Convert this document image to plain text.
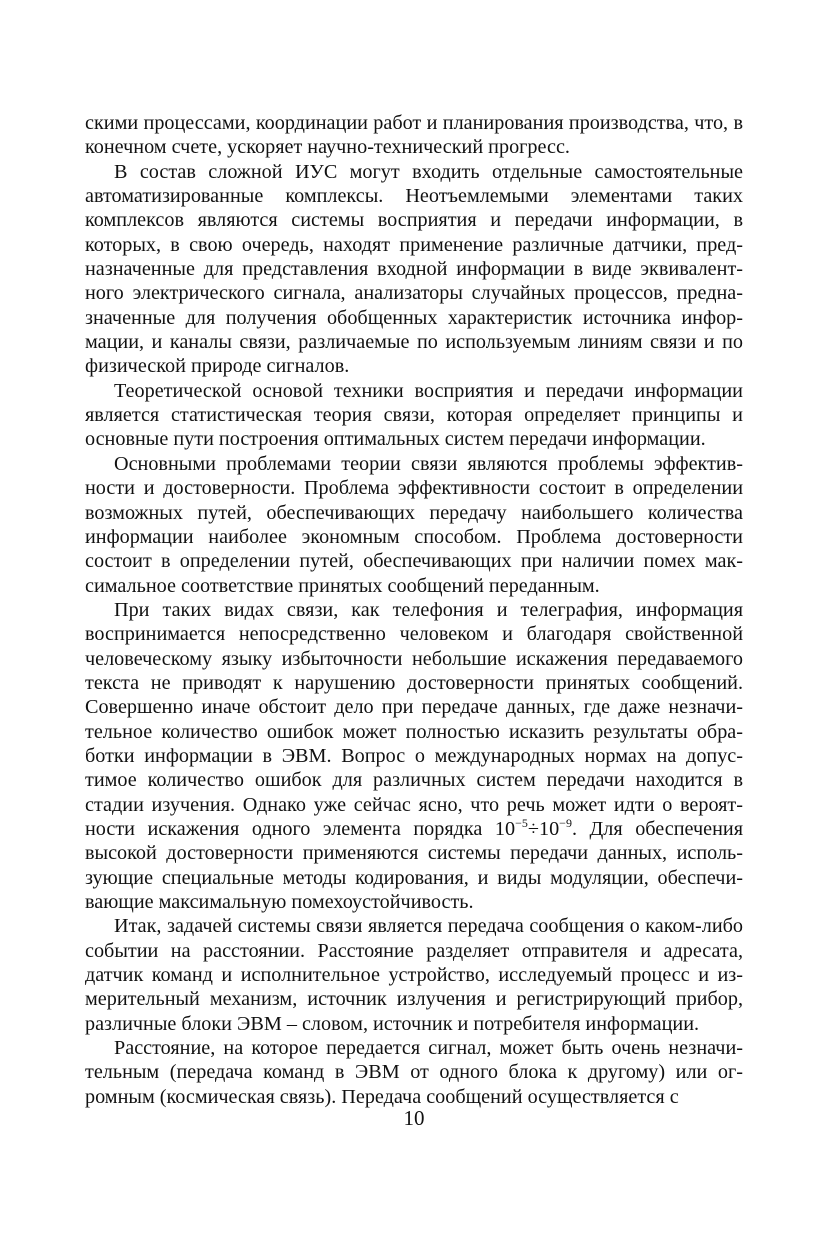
скими процессами, координации работ и планирования производства, что, в конечном счете, ускоряет научно-технический прогресс.

В состав сложной ИУС могут входить отдельные самостоятельные автоматизированные комплексы. Неотъемлемыми элементами таких комплексов являются системы восприятия и передачи информации, в которых, в свою очередь, находят применение различные датчики, предназначенные для представления входной информации в виде эквивалентного электрического сигнала, анализаторы случайных процессов, предназначенные для получения обобщенных характеристик источника информации, и каналы связи, различаемые по используемым линиям связи и по физической природе сигналов.

Теоретической основой техники восприятия и передачи информации является статистическая теория связи, которая определяет принципы и основные пути построения оптимальных систем передачи информации.

Основными проблемами теории связи являются проблемы эффективности и достоверности. Проблема эффективности состоит в определении возможных путей, обеспечивающих передачу наибольшего количества информации наиболее экономным способом. Проблема достоверности состоит в определении путей, обеспечивающих при наличии помех максимальное соответствие принятых сообщений переданным.

При таких видах связи, как телефония и телеграфия, информация воспринимается непосредственно человеком и благодаря свойственной человеческому языку избыточности небольшие искажения передаваемого текста не приводят к нарушению достоверности принятых сообщений. Совершенно иначе обстоит дело при передаче данных, где даже незначительное количество ошибок может полностью исказить результаты обработки информации в ЭВМ. Вопрос о международных нормах на допустимое количество ошибок для различных систем передачи находится в стадии изучения. Однако уже сейчас ясно, что речь может идти о вероятности искажения одного элемента порядка $10^{-5}\div 10^{-9}$. Для обеспечения высокой достоверности применяются системы передачи данных, использующие специальные методы кодирования, и виды модуляции, обеспечивающие максимальную помехоустойчивость.

Итак, задачей системы связи является передача сообщения о каком-либо событии на расстоянии. Расстояние разделяет отправителя и адресата, датчик команд и исполнительное устройство, исследуемый процесс и измерительный механизм, источник излучения и регистрирующий прибор, различные блоки ЭВМ – словом, источник и потребителя информации.

Расстояние, на которое передается сигнал, может быть очень незначительным (передача команд в ЭВМ от одного блока к другому) или огромным (космическая связь). Передача сообщений осуществляется с

10
